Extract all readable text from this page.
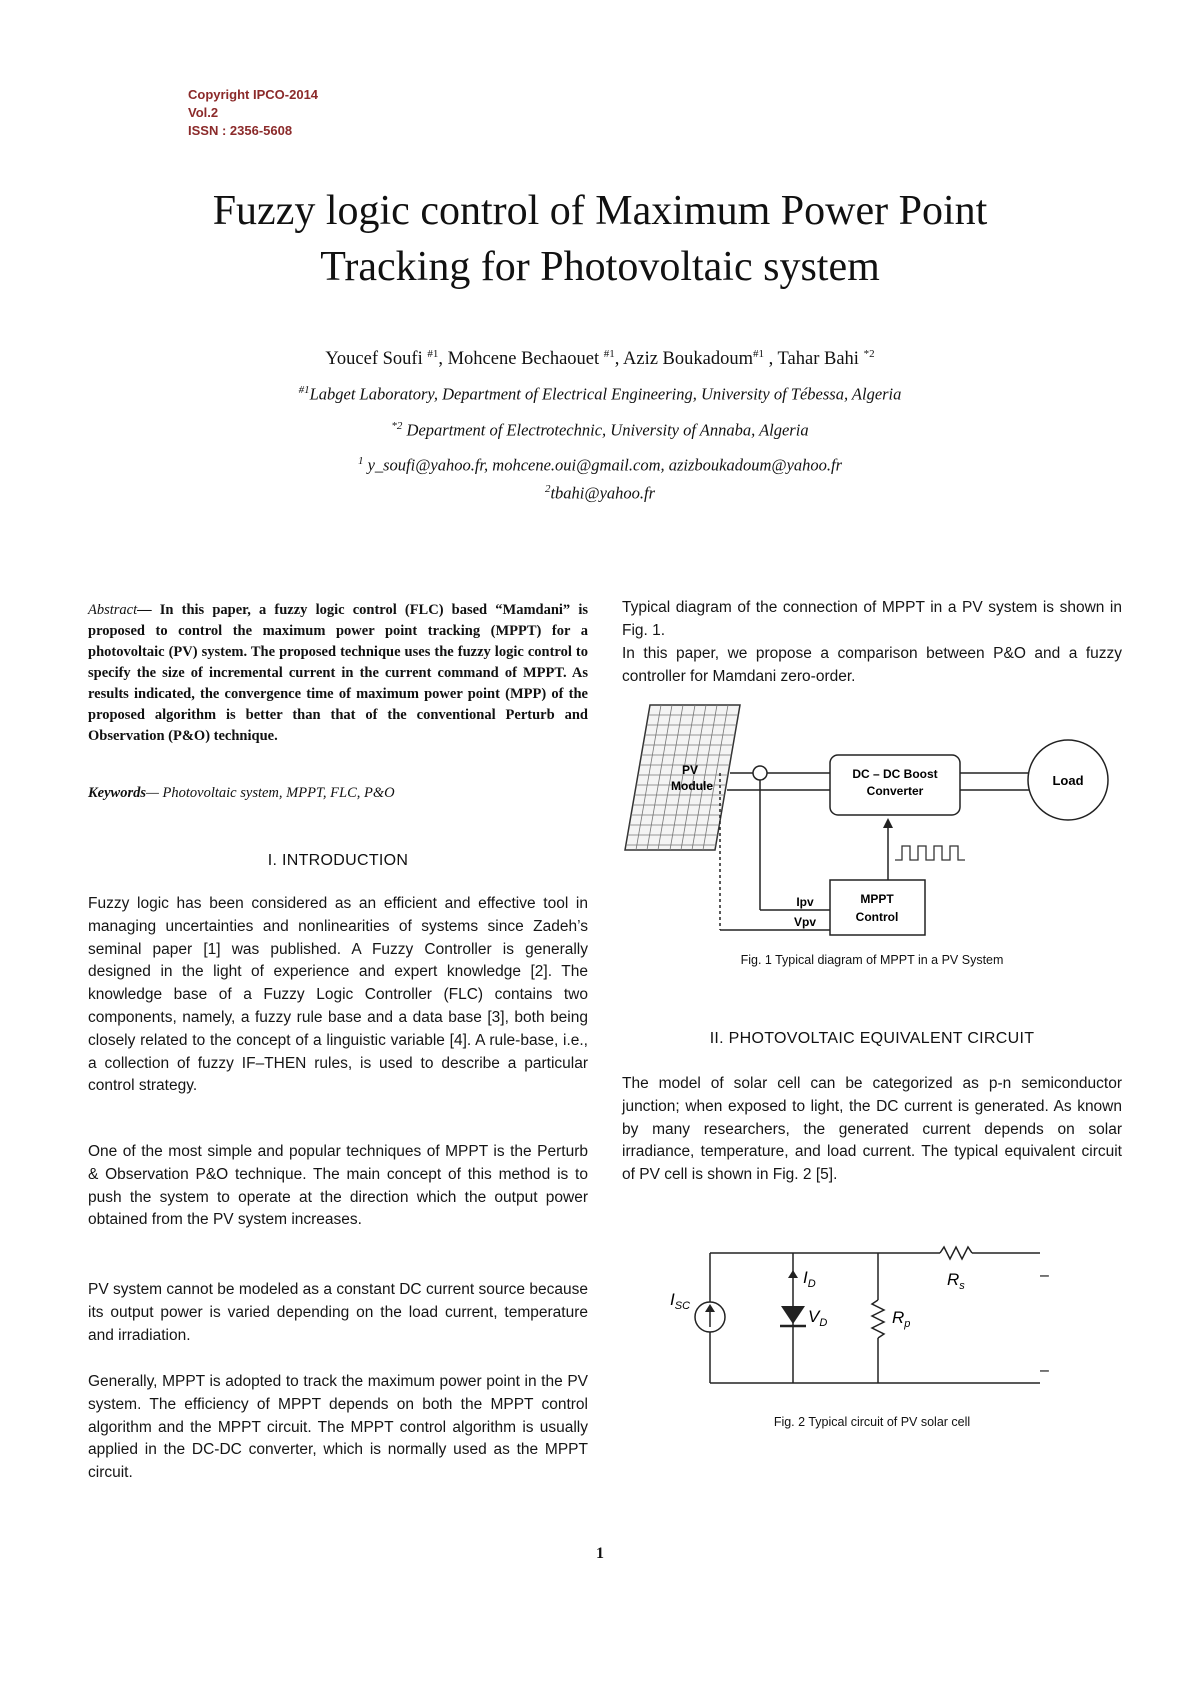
Copyright IPCO-2014
Vol.2
ISSN : 2356-5608
Fuzzy logic control of Maximum Power Point
Tracking for Photovoltaic system
Youcef Soufi $^{\#1}$, Mohcene Bechaouet $^{\#1}$, Aziz Boukadoum$^{\#1}$ , Tahar Bahi $^{*2}$
$^{\#1}$Labget Laboratory, Department of Electrical Engineering, University of Tébessa, Algeria
$^{*2}$ Department of Electrotechnic, University of Annaba, Algeria
$^1$ y_soufi@yahoo.fr, mohcene.oui@gmail.com, azizboukadoum@yahoo.fr
$^2$tbahi@yahoo.fr
Abstract— In this paper, a fuzzy logic control (FLC) based “Mamdani” is proposed to control the maximum power point tracking (MPPT) for a photovoltaic (PV) system. The proposed technique uses the fuzzy logic control to specify the size of incremental current in the current command of MPPT. As results indicated, the convergence time of maximum power point (MPP) of the proposed algorithm is better than that of the conventional Perturb and Observation (P&O) technique.
Keywords— Photovoltaic system, MPPT, FLC, P&O
I. INTRODUCTION
Fuzzy logic has been considered as an efficient and effective tool in managing uncertainties and nonlinearities of systems since Zadeh’s seminal paper [1] was published. A Fuzzy Controller is generally designed in the light of experience and expert knowledge [2]. The knowledge base of a Fuzzy Logic Controller (FLC) contains two components, namely, a fuzzy rule base and a data base [3], both being closely related to the concept of a linguistic variable [4]. A rule-base, i.e., a collection of fuzzy IF–THEN rules, is used to describe a particular control strategy.
One of the most simple and popular techniques of MPPT is the Perturb & Observation P&O technique. The main concept of this method is to push the system to operate at the direction which the output power obtained from the PV system increases.
PV system cannot be modeled as a constant DC current source because its output power is varied depending on the load current, temperature and irradiation.
Generally, MPPT is adopted to track the maximum power point in the PV system. The efficiency of MPPT depends on both the MPPT control algorithm and the MPPT circuit. The MPPT control algorithm is usually applied in the DC-DC converter, which is normally used as the MPPT circuit.
Typical diagram of the connection of MPPT in a PV system is shown in Fig. 1.
In this paper, we propose a comparison between P&O and a fuzzy controller for Mamdani zero-order.
PV
Module
DC – DC Boost
Converter
Load
MPPT
Control
Ipv
Vpv
Fig. 1 Typical diagram of MPPT in a PV System
II. PHOTOVOLTAIC EQUIVALENT CIRCUIT
The model of solar cell can be categorized as p-n semiconductor junction; when exposed to light, the DC current is generated. As known by many researchers, the generated current depends on solar irradiance, temperature, and load current. The typical equivalent circuit of PV cell is shown in Fig. 2 [5].
$I_{SC}$
$I_D$
$V_D$	$R_p$
$R_s$
–
–
Fig. 2 Typical circuit of PV solar cell
1
